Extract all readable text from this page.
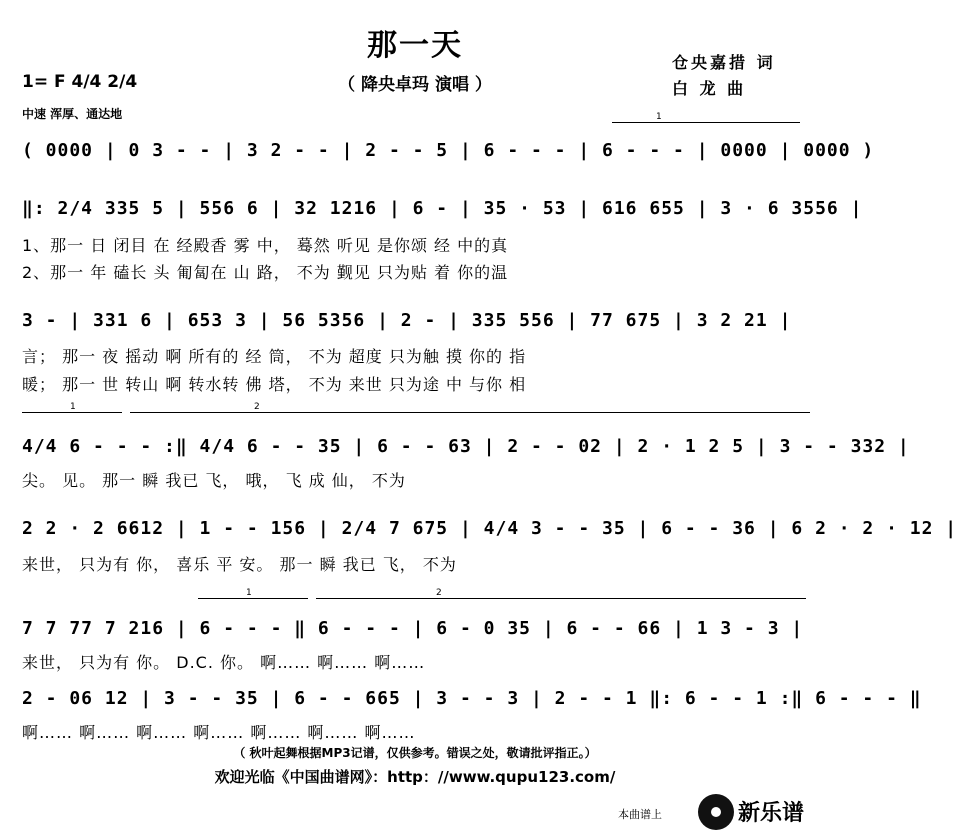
那一天
（ 降央卓玛 演唱 ）
仓央嘉措 词
白 龙 曲
1= F 4/4 2/4
中速 浑厚、通达地	1
1	2
1	2
( 0000 | 0 3 - - | 3 2 - - | 2 - - 5 | 6 - - - | 6 - - - | 0000 | 0000 )
‖: 2/4 335 5 | 556 6 | 32 1216 | 6 - | 35 · 53 | 616 655 | 3 · 6 3556 |
1、那一 日 闭目 在 经殿香 雾 中， 蓦然 听见 是你颂 经 中的真
2、那一 年 磕长 头 匍匐在 山 路， 不为 觐见 只为贴 着 你的温
3 - | 331 6 | 653 3 | 56 5356 | 2 - | 335 556 | 77 675 | 3 2 21 |
言； 那一 夜 摇动 啊 所有的 经 筒， 不为 超度 只为触 摸 你的 指
暖； 那一 世 转山 啊 转水转 佛 塔， 不为 来世 只为途 中 与你 相
4/4 6 - - - :‖ 4/4 6 - - 35 | 6 - - 63 | 2 - - 02 | 2 · 1 2 5 | 3 - - 332 |
尖。 见。 那一 瞬 我已 飞， 哦， 飞 成 仙， 不为
2 2 · 2 6612 | 1 - - 156 | 2/4 7 675 | 4/4 3 - - 35 | 6 - - 36 | 6 2 · 2 · 12 |
来世， 只为有 你， 喜乐 平 安。 那一 瞬 我已 飞， 不为
7 7 77 7 216 | 6 - - - ‖ 6 - - - | 6 - 0 35 | 6 - - 66 | 1 3 - 3 |
来世， 只为有 你。 D.C. 你。 啊…… 啊…… 啊……
2 - 06 12 | 3 - - 35 | 6 - - 665 | 3 - - 3 | 2 - - 1 ‖: 6 - - 1 :‖ 6 - - - ‖
啊…… 啊…… 啊…… 啊…… 啊…… 啊…… 啊……
（ 秋叶起舞根据MP3记谱，仅供参考。错误之处，敬请批评指正。）
欢迎光临《中国曲谱网》：http：//www.qupu123.com/
本曲谱上	新乐谱
